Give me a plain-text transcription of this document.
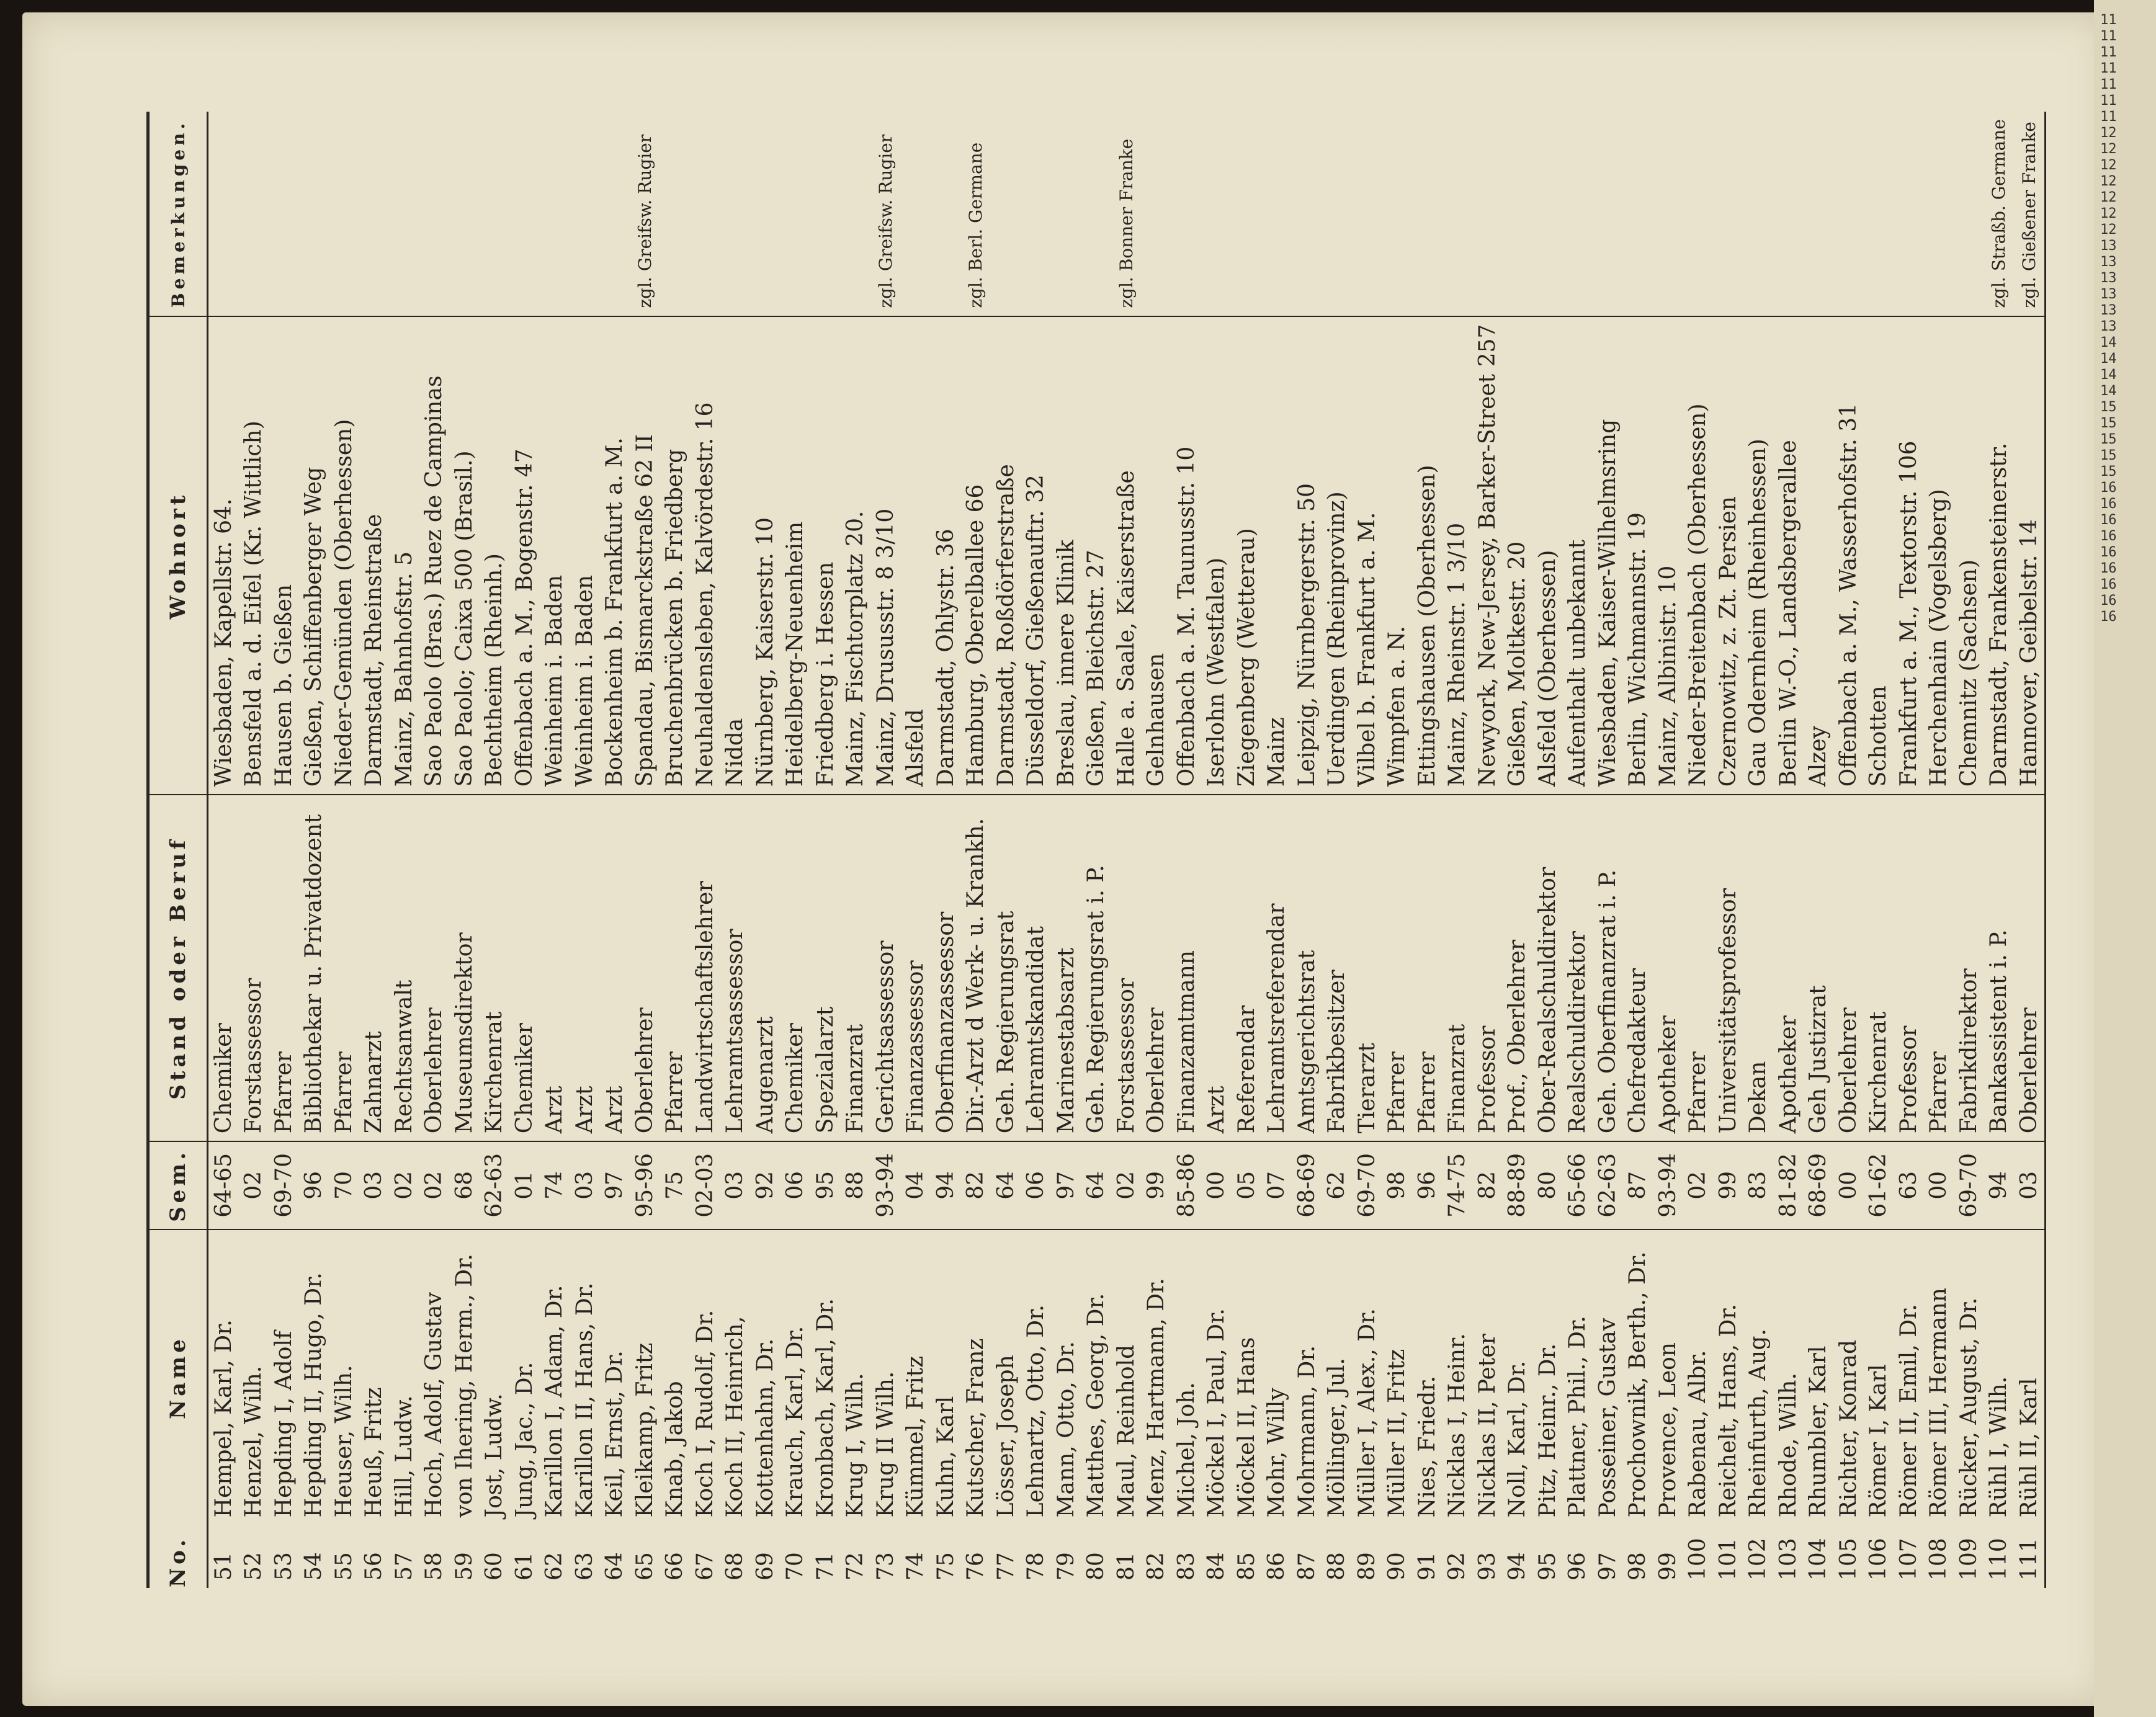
No.	Name	Sem.	Stand oder Beruf	Wohnort	Bemerkungen.
51	Hempel, Karl, Dr.	64-65	Chemiker	Wiesbaden, Kapellstr. 64.	
52	Henzel, Wilh.	02	Forstassessor	Bensfeld a. d. Eifel (Kr. Wittlich)	
53	Hepding I, Adolf	69-70	Pfarrer	Hausen b. Gießen	
54	Hepding II, Hugo, Dr.	96	Bibliothekar u. Privatdozent	Gießen, Schiffenberger Weg	
55	Heuser, Wilh.	70	Pfarrer	Nieder-Gemünden (Oberhessen)	
56	Heuß, Fritz	03	Zahnarzt	Darmstadt, Rheinstraße	
57	Hill, Ludw.	02	Rechtsanwalt	Mainz, Bahnhofstr. 5	
58	Hoch, Adolf, Gustav	02	Oberlehrer	Sao Paolo (Bras.) Ruez de Campinas	
59	von Ihering, Herm., Dr.	68	Museumsdirektor	Sao Paolo; Caixa 500 (Brasil.)	
60	Jost, Ludw.	62-63	Kirchenrat	Bechtheim (Rheinh.)	
61	Jung, Jac., Dr.	01	Chemiker	Offenbach a. M., Bogenstr. 47	
62	Karillon I, Adam, Dr.	74	Arzt	Weinheim i. Baden	
63	Karillon II, Hans, Dr.	03	Arzt	Weinheim i. Baden	
64	Keil, Ernst, Dr.	97	Arzt	Bockenheim b. Frankfurt a. M.	
65	Kleikamp, Fritz	95-96	Oberlehrer	Spandau, Bismarckstraße 62 II	zgl. Greifsw. Rugier
66	Knab, Jakob	75	Pfarrer	Bruchenbrücken b. Friedberg	
67	Koch I, Rudolf, Dr.	02-03	Landwirtschaftslehrer	Neuhaldensleben, Kalvördestr. 16	
68	Koch II, Heinrich,	03	Lehramtsassessor	Nidda	
69	Kottenhahn, Dr.	92	Augenarzt	Nürnberg, Kaiserstr. 10	
70	Krauch, Karl, Dr.	06	Chemiker	Heidelberg-Neuenheim	
71	Kronbach, Karl, Dr.	95	Spezialarzt	Friedberg i. Hessen	
72	Krug I, Wilh.	88	Finanzrat	Mainz, Fischtorplatz 20.	
73	Krug II Wilh.	93-94	Gerichtsassessor	Mainz, Drususstr. 8 3/10	zgl. Greifsw. Rugier
74	Kümmel, Fritz	04	Finanzassessor	Alsfeld	
75	Kuhn, Karl	94	Oberfinanzassessor	Darmstadt, Ohlystr. 36	
76	Kutscher, Franz	82	Dir.-Arzt d Werk- u. Krankh.	Hamburg, Oberelballee 66	zgl. Berl. Germane
77	Lösser, Joseph	64	Geh. Regierungsrat	Darmstadt, Roßdörferstraße	
78	Lehnartz, Otto, Dr.	06	Lehramtskandidat	Düsseldorf, Gießenauftr. 32	
79	Mann, Otto, Dr.	97	Marinestabsarzt	Breslau, innere Klinik	
80	Matthes, Georg, Dr.	64	Geh. Regierungsrat i. P.	Gießen, Bleichstr. 27	
81	Maul, Reinhold	02	Forstassessor	Halle a. Saale, Kaiserstraße	zgl. Bonner Franke
82	Menz, Hartmann, Dr.	99	Oberlehrer	Gelnhausen	
83	Michel, Joh.	85-86	Finanzamtmann	Offenbach a. M. Taunusstr. 10	
84	Möckel I, Paul, Dr.	00	Arzt	Iserlohn (Westfalen)	
85	Möckel II, Hans	05	Referendar	Ziegenberg (Wetterau)	
86	Mohr, Willy	07	Lehramtsreferendar	Mainz	
87	Mohrmann, Dr.	68-69	Amtsgerichtsrat	Leipzig, Nürnbergerstr. 50	
88	Möllinger, Jul.	62	Fabrikbesitzer	Uerdingen (Rheinprovinz)	
89	Müller I, Alex., Dr.	69-70	Tierarzt	Vilbel b. Frankfurt a. M.	
90	Müller II, Fritz	98	Pfarrer	Wimpfen a. N.	
91	Nies, Friedr.	96	Pfarrer	Ettingshausen (Oberhessen)	
92	Nicklas I, Heinr.	74-75	Finanzrat	Mainz, Rheinstr. 1 3/10	
93	Nicklas II, Peter	82	Professor	Newyork, New-Jersey, Barker-Street 257	
94	Noll, Karl, Dr.	88-89	Prof., Oberlehrer	Gießen, Moltkestr. 20	
95	Pitz, Heinr., Dr.	80	Ober-Realschuldirektor	Alsfeld (Oberhessen)	
96	Plattner, Phil., Dr.	65-66	Realschuldirektor	Aufenthalt unbekannt	
97	Posseiner, Gustav	62-63	Geh. Oberfinanzrat i. P.	Wiesbaden, Kaiser-Wilhelmsring	
98	Prochownik, Berth., Dr.	87	Chefredakteur	Berlin, Wichmannstr. 19	
99	Provence, Leon	93-94	Apotheker	Mainz, Albinistr. 10	
100	Rabenau, Albr.	02	Pfarrer	Nieder-Breitenbach (Oberhessen)	
101	Reichelt, Hans, Dr.	99	Universitätsprofessor	Czernowitz, z. Zt. Persien	
102	Rheinfurth, Aug.	83	Dekan	Gau Odernheim (Rheinhessen)	
103	Rhode, Wilh.	81-82	Apotheker	Berlin W.-O., Landsbergerallee	
104	Rhumbler, Karl	68-69	Geh Justizrat	Alzey	
105	Richter, Konrad	00	Oberlehrer	Offenbach a. M., Wasserhofstr. 31	
106	Römer I, Karl	61-62	Kirchenrat	Schotten	
107	Römer II, Emil, Dr.	63	Professor	Frankfurt a. M., Textorstr. 106	
108	Römer III, Hermann	00	Pfarrer	Herchenhain (Vogelsberg)	
109	Rücker, August, Dr.	69-70	Fabrikdirektor	Chemnitz (Sachsen)	
110	Rühl I, Wilh.	94	Bankassistent i. P.	Darmstadt, Frankensteinerstr.	zgl. Straßb. Germane
111	Rühl II, Karl	03	Oberlehrer	Hannover, Geibelstr. 14	zgl. Gießener Franke
11
11
11
11
11
11
11
12
12
12
12
12
12
12
13
13
13
13
13
13
14
14
14
14
15
15
15
15
15
16
16
16
16
16
16
16
16
16
